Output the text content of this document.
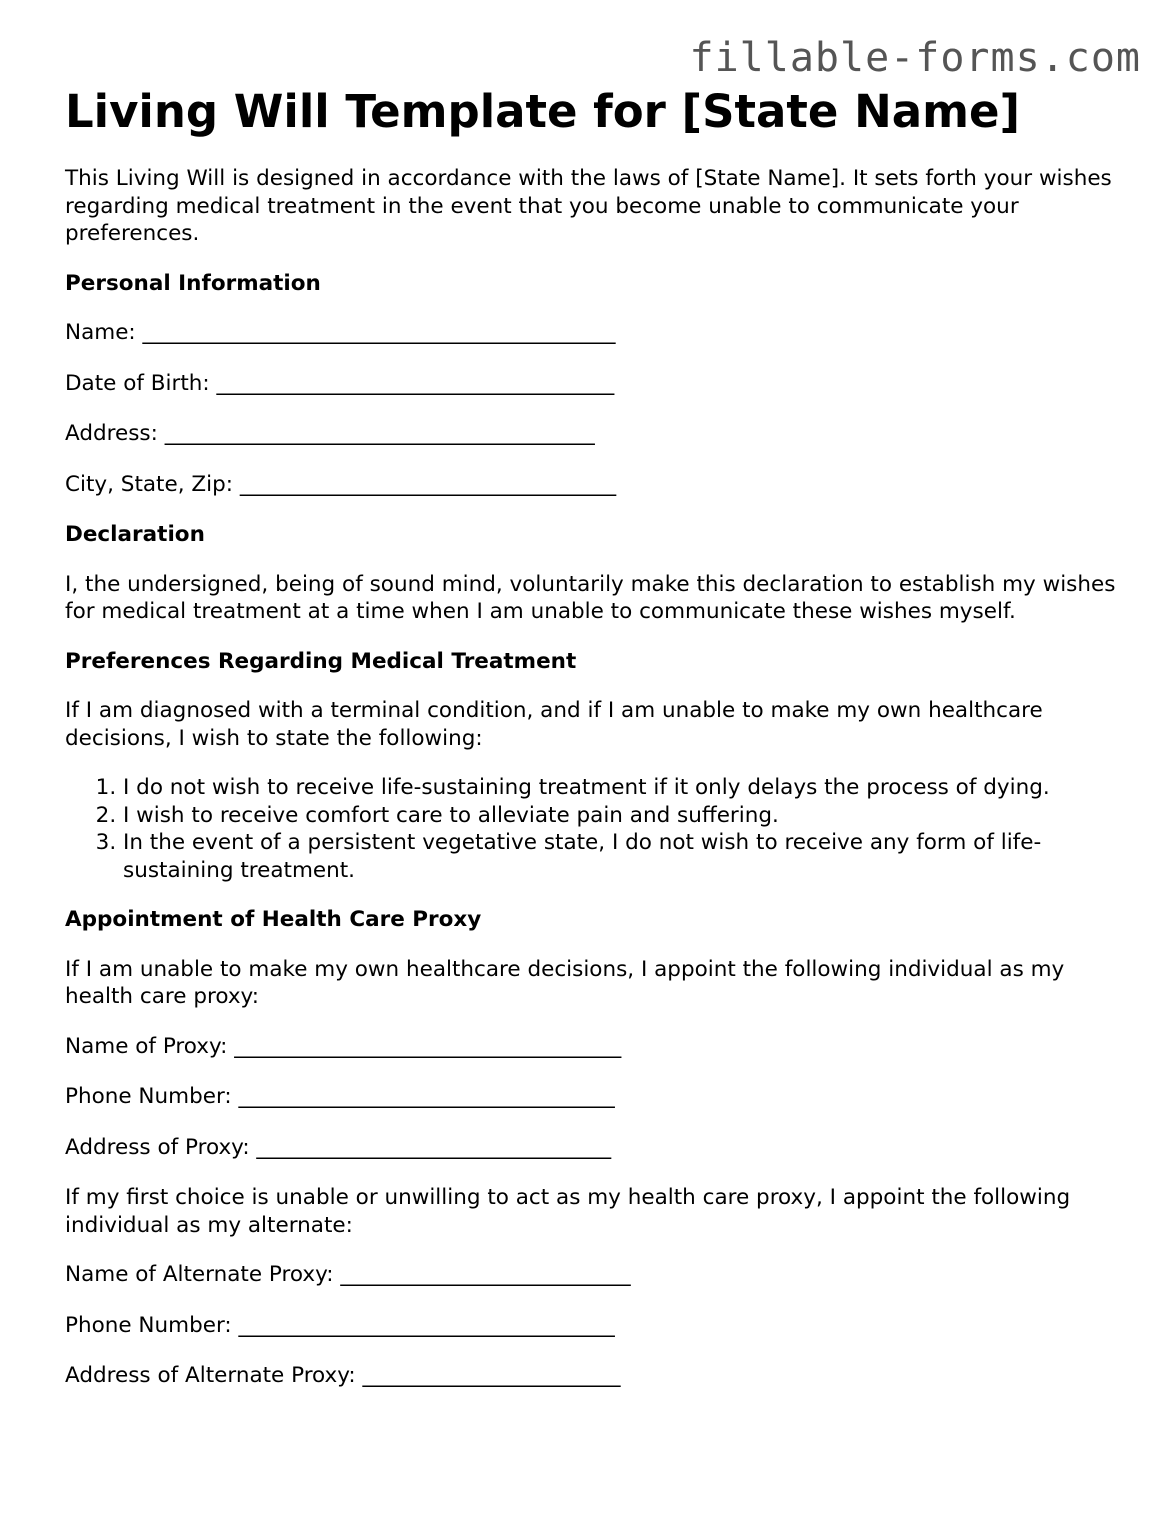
fillable-forms.com
Living Will Template for [State Name]

This Living Will is designed in accordance with the laws of [State Name]. It sets forth your wishes regarding medical treatment in the event that you become unable to communicate your preferences.

Personal Information
Name: ____________________________________________
Date of Birth: _____________________________________
Address: ________________________________________
City, State, Zip: ___________________________________
Declaration

I, the undersigned, being of sound mind, voluntarily make this declaration to establish my wishes for medical treatment at a time when I am unable to communicate these wishes myself.

Preferences Regarding Medical Treatment

If I am diagnosed with a terminal condition, and if I am unable to make my own healthcare decisions, I wish to state the following:

1. I do not wish to receive life-sustaining treatment if it only delays the process of dying.
2. I wish to receive comfort care to alleviate pain and suffering.
3. In the event of a persistent vegetative state, I do not wish to receive any form of life-sustaining treatment.
Appointment of Health Care Proxy

If I am unable to make my own healthcare decisions, I appoint the following individual as my health care proxy:

Name of Proxy: ____________________________________
Phone Number: ___________________________________
Address of Proxy: _________________________________

If my first choice is unable or unwilling to act as my health care proxy, I appoint the following individual as my alternate:

Name of Alternate Proxy: ___________________________
Phone Number: ___________________________________
Address of Alternate Proxy: ________________________
